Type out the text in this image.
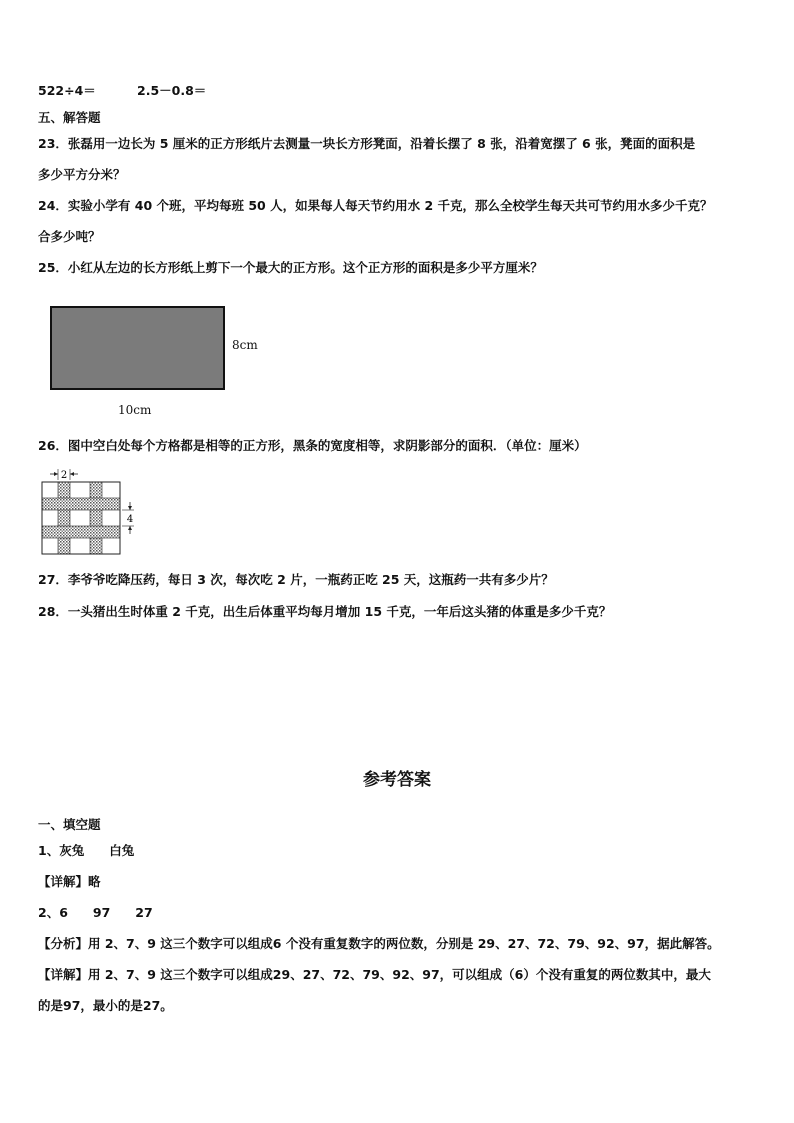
522÷4＝	2.5－0.8＝
五、解答题
23．张磊用一边长为 5 厘米的正方形纸片去测量一块长方形凳面，沿着长摆了 8 张，沿着宽摆了 6 张，凳面的面积是
多少平方分米？
24．实验小学有 40 个班，平均每班 50 人，如果每人每天节约用水 2 千克，那么全校学生每天共可节约用水多少千克？
合多少吨？
25．小红从左边的长方形纸上剪下一个最大的正方形。这个正方形的面积是多少平方厘米？
8cm
10cm
26．图中空白处每个方格都是相等的正方形，黑条的宽度相等，求阴影部分的面积．（单位：厘米）
2
4
27．李爷爷吃降压药，每日 3 次，每次吃 2 片，一瓶药正吃 25 天，这瓶药一共有多少片？
28．一头猪出生时体重 2 千克，出生后体重平均每月增加 15 千克，一年后这头猪的体重是多少千克？
参考答案
一、填空题
1、灰兔　　白兔
【详解】略
2、6　　97　　27
【分析】用 2、7、9 这三个数字可以组成6 个没有重复数字的两位数，分别是 29、27、72、79、92、97，据此解答。
【详解】用 2、7、9 这三个数字可以组成29、27、72、79、92、97，可以组成（6）个没有重复的两位数其中，最大
的是97，最小的是27。
